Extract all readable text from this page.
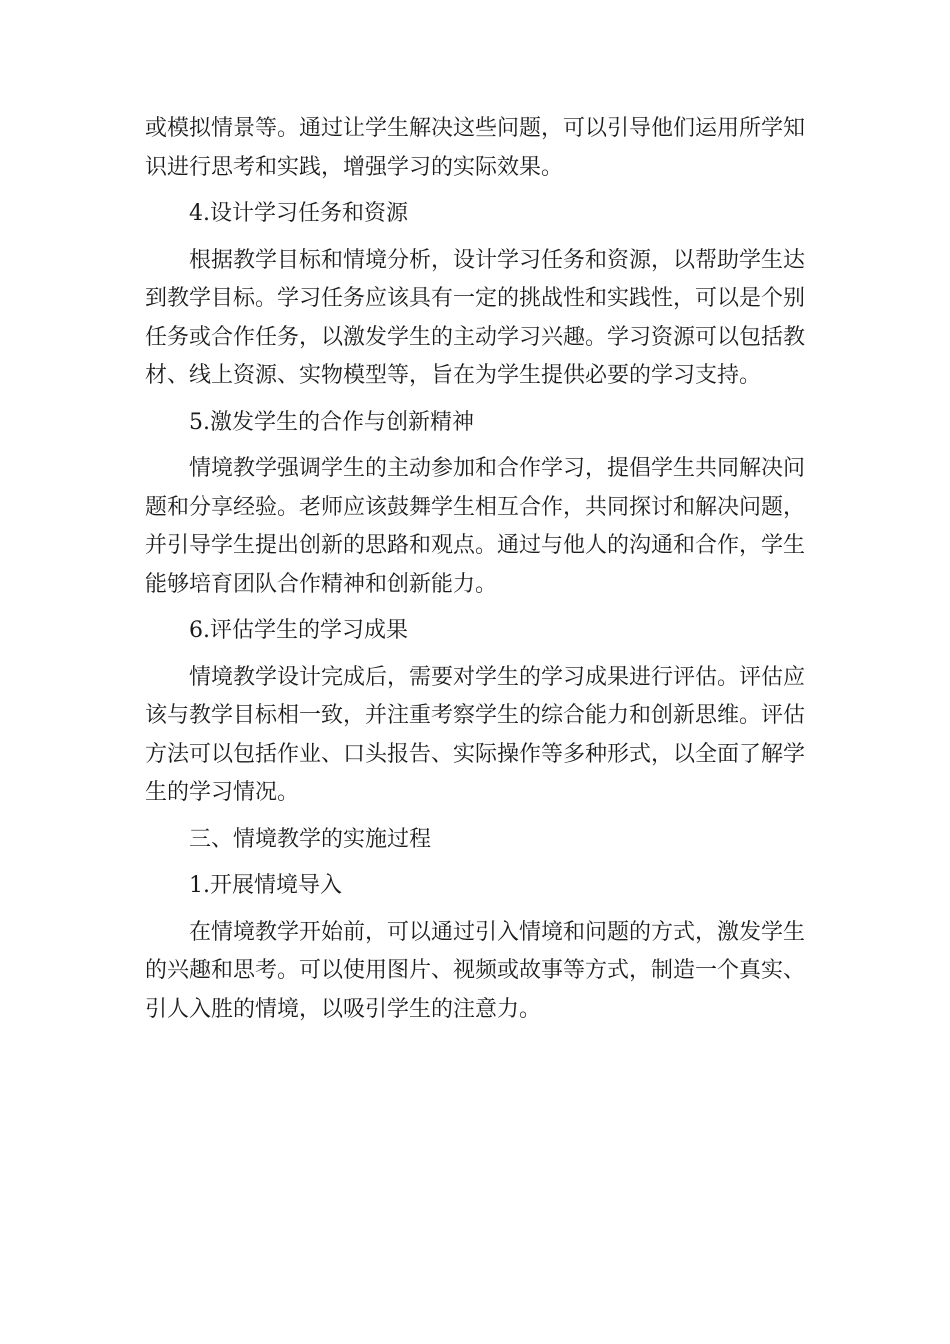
或模拟情景等。通过让学生解决这些问题，可以引导他们运用所学知识进行思考和实践，增强学习的实际效果。

4.设计学习任务和资源

根据教学目标和情境分析，设计学习任务和资源，以帮助学生达到教学目标。学习任务应该具有一定的挑战性和实践性，可以是个别任务或合作任务，以激发学生的主动学习兴趣。学习资源可以包括教材、线上资源、实物模型等，旨在为学生提供必要的学习支持。

5.激发学生的合作与创新精神

情境教学强调学生的主动参加和合作学习，提倡学生共同解决问题和分享经验。老师应该鼓舞学生相互合作，共同探讨和解决问题，并引导学生提出创新的思路和观点。通过与他人的沟通和合作，学生能够培育团队合作精神和创新能力。

6.评估学生的学习成果

情境教学设计完成后，需要对学生的学习成果进行评估。评估应该与教学目标相一致，并注重考察学生的综合能力和创新思维。评估方法可以包括作业、口头报告、实际操作等多种形式，以全面了解学生的学习情况。

三、情境教学的实施过程

1.开展情境导入

在情境教学开始前，可以通过引入情境和问题的方式，激发学生的兴趣和思考。可以使用图片、视频或故事等方式，制造一个真实、引人入胜的情境，以吸引学生的注意力。
